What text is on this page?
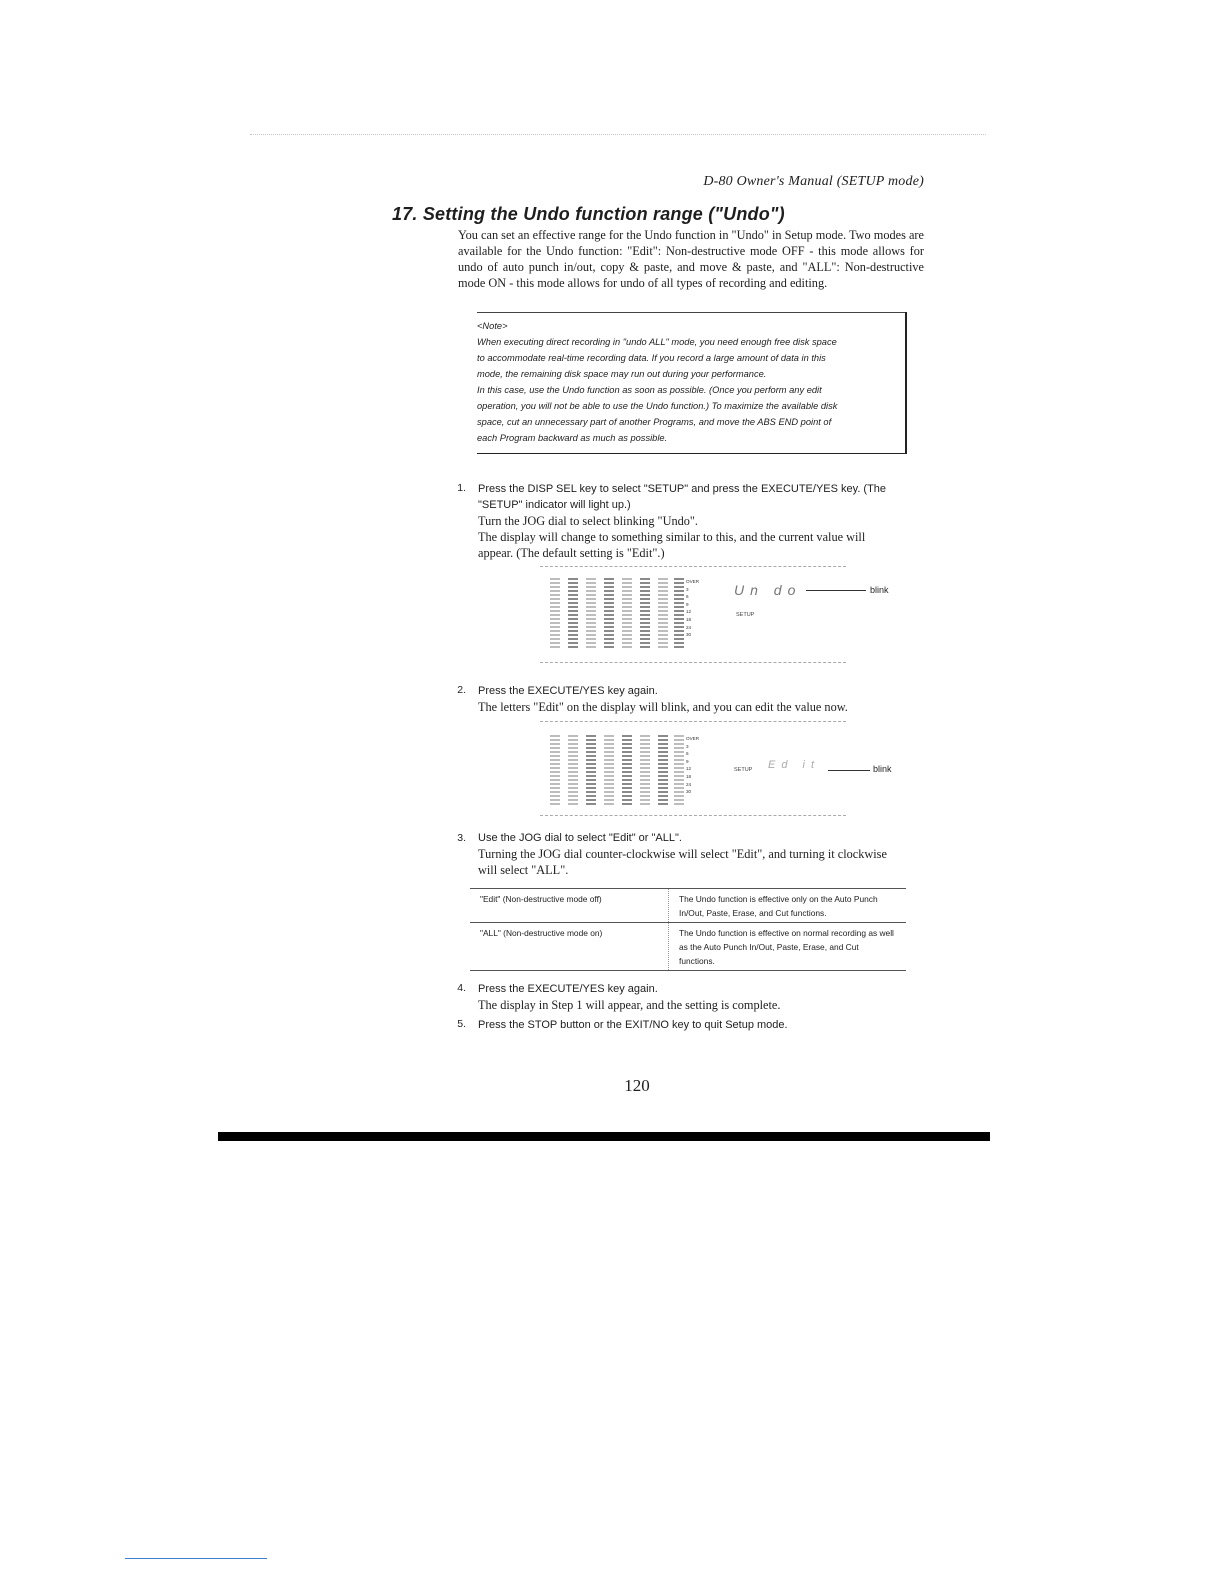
D-80 Owner's Manual (SETUP mode)
17. Setting the Undo function range ("Undo")
You can set an effective range for the Undo function in "Undo" in Setup mode. Two modes are available for the Undo function: "Edit": Non-destructive mode OFF - this mode allows for undo of auto punch in/out, copy & paste, and move & paste, and "ALL": Non-destructive mode ON - this mode allows for undo of all types of recording and editing.
<Note>
When executing direct recording in "undo ALL" mode, you need enough free disk space
to accommodate real-time recording data. If you record a large amount of data in this
mode, the remaining disk space may run out during your performance.
In this case, use the Undo function as soon as possible. (Once you perform any edit
operation, you will not be able to use the Undo function.) To maximize the available disk
space, cut an unnecessary part of another Programs, and move the ABS END point of
each Program backward as much as possible.
1. Press the DISP SEL key to select "SETUP" and press the EXECUTE/YES key. (The
"SETUP" indicator will light up.)
Turn the JOG dial to select blinking "Undo".
The display will change to something similar to this, and the current value will
appear. (The default setting is "Edit".)
OVER
3
6
9
12
18
24
30
Un do
SETUP
blink
2. Press the EXECUTE/YES key again.
The letters "Edit" on the display will blink, and you can edit the value now.
OVER
3
6
9
12
18
24
30
SETUP Ed it	blink
3. Use the JOG dial to select "Edit" or "ALL".
Turning the JOG dial counter-clockwise will select "Edit", and turning it clockwise
will select "ALL".
"Edit" (Non-destructive mode off)	The Undo function is effective only on the Auto Punch In/Out, Paste, Erase, and Cut functions.
"ALL" (Non-destructive mode on)	The Undo function is effective on normal recording as well as the Auto Punch In/Out, Paste, Erase, and Cut functions.
4. Press the EXECUTE/YES key again.
The display in Step 1 will appear, and the setting is complete.
5. Press the STOP button or the EXIT/NO key to quit Setup mode.
120
